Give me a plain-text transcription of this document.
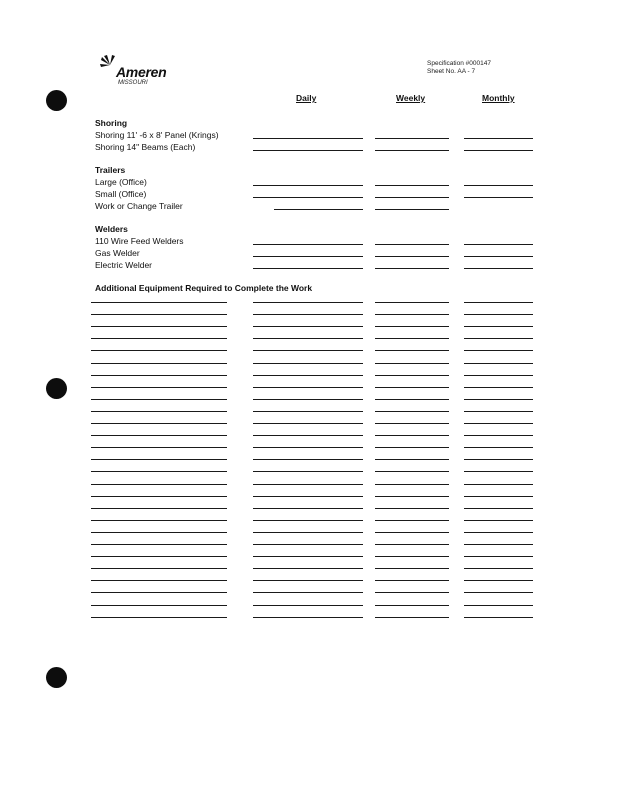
Ameren
MISSOURI
Specification #000147
Sheet No. AA - 7
Daily	Weekly	Monthly
Shoring
Shoring 11' -6 x 8' Panel (Krings)
Shoring 14" Beams (Each)
Trailers
Large (Office)
Small (Office)
Work or Change Trailer
Welders
110 Wire Feed Welders
Gas Welder
Electric Welder
Additional Equipment Required to Complete the Work
